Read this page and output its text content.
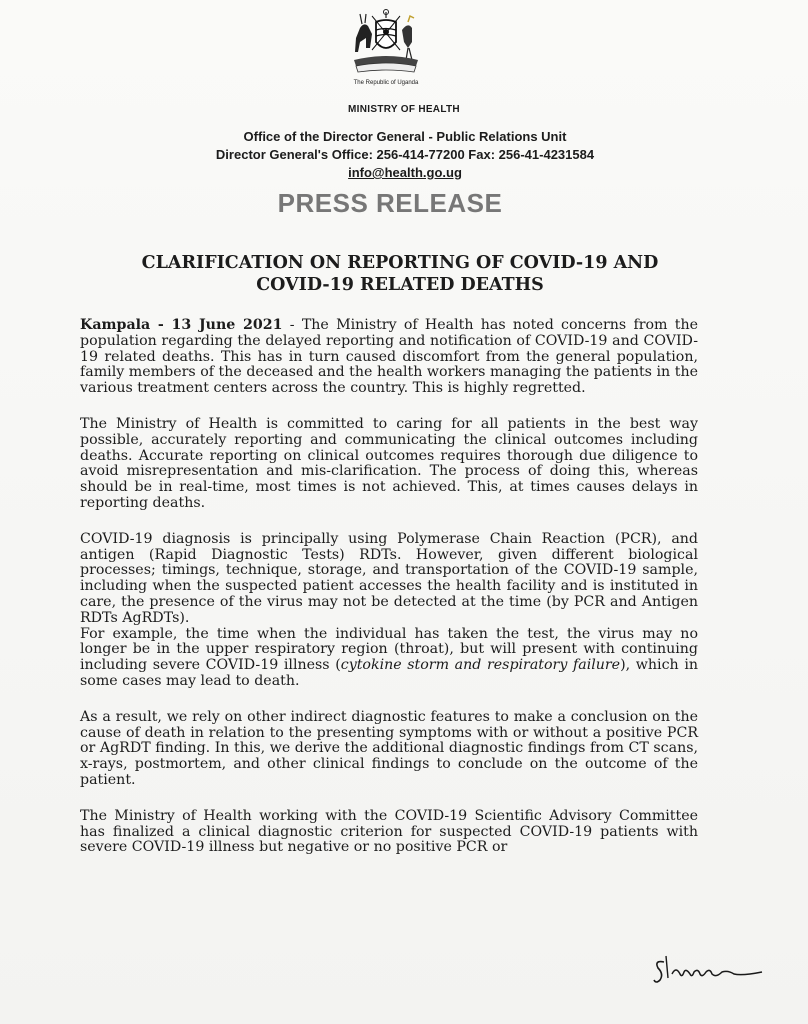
The Republic of Uganda
MINISTRY OF HEALTH
Office of the Director General - Public Relations Unit
Director General's Office: 256-414-77200 Fax: 256-41-4231584
info@health.go.ug
PRESS RELEASE
CLARIFICATION ON REPORTING OF COVID-19 AND
COVID-19 RELATED DEATHS

Kampala - 13 June 2021 - The Ministry of Health has noted concerns from the population regarding the delayed reporting and notification of COVID-19 and COVID-19 related deaths. This has in turn caused discomfort from the general population, family members of the deceased and the health workers managing the patients in the various treatment centers across the country. This is highly regretted.

The Ministry of Health is committed to caring for all patients in the best way possible, accurately reporting and communicating the clinical outcomes including deaths. Accurate reporting on clinical outcomes requires thorough due diligence to avoid misrepresentation and mis-clarification. The process of doing this, whereas should be in real-time, most times is not achieved. This, at times causes delays in reporting deaths.

COVID-19 diagnosis is principally using Polymerase Chain Reaction (PCR), and antigen (Rapid Diagnostic Tests) RDTs. However, given different biological processes; timings, technique, storage, and transportation of the COVID-19 sample, including when the suspected patient accesses the health facility and is instituted in care, the presence of the virus may not be detected at the time (by PCR and Antigen RDTs AgRDTs).

For example, the time when the individual has taken the test, the virus may no longer be in the upper respiratory region (throat), but will present with continuing including severe COVID-19 illness (cytokine storm and respiratory failure), which in some cases may lead to death.

As a result, we rely on other indirect diagnostic features to make a conclusion on the cause of death in relation to the presenting symptoms with or without a positive PCR or AgRDT finding. In this, we derive the additional diagnostic findings from CT scans, x-rays, postmortem, and other clinical findings to conclude on the outcome of the patient.

The Ministry of Health working with the COVID-19 Scientific Advisory Committee has finalized a clinical diagnostic criterion for suspected COVID-19 patients with severe COVID-19 illness but negative or no positive PCR or
